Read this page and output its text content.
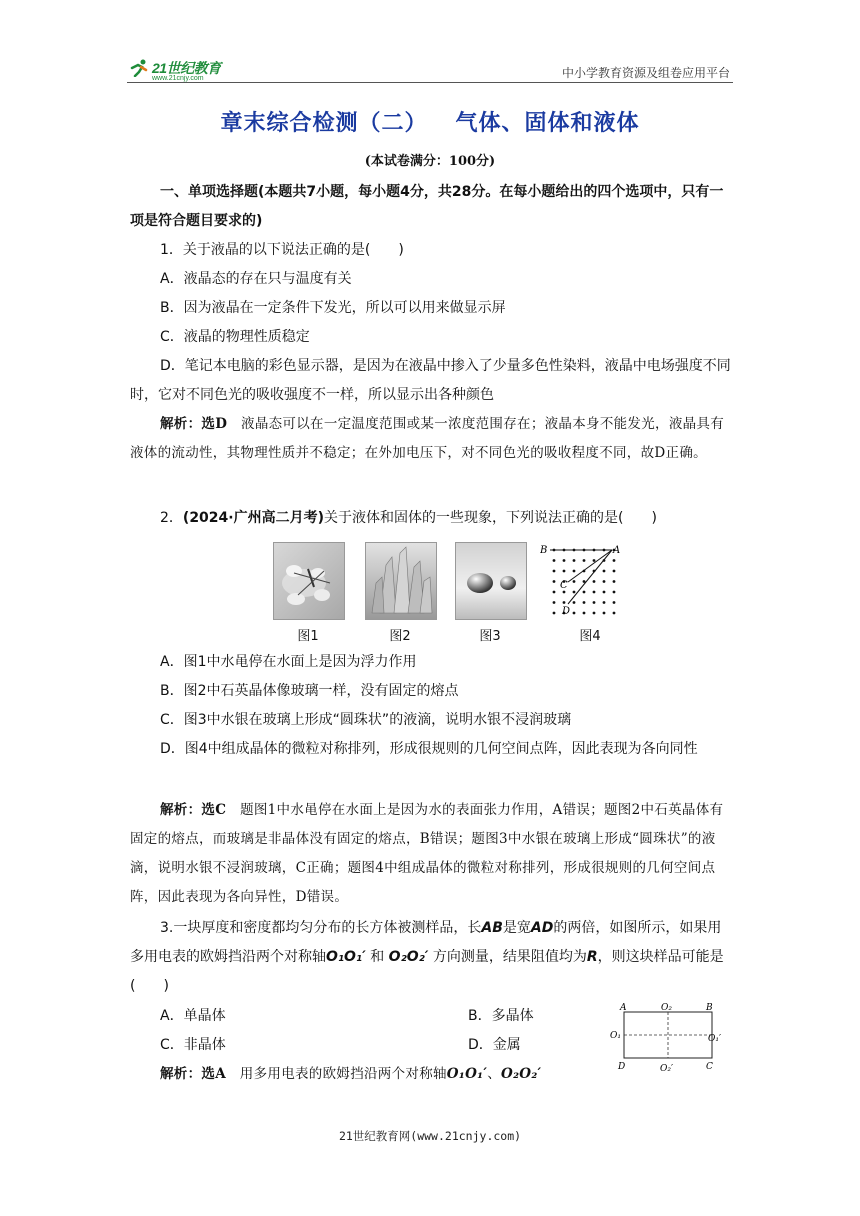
21世纪教育
www.21cnjy.com	中小学教育资源及组卷应用平台
章末综合检测（二） 气体、固体和液体
(本试卷满分：100分)
一、单项选择题(本题共7小题，每小题4分，共28分。在每小题给出的四个选项中，只有一项是符合题目要求的)
1．关于液晶的以下说法正确的是(　　)
A．液晶态的存在只与温度有关
B．因为液晶在一定条件下发光，所以可以用来做显示屏
C．液晶的物理性质稳定
D．笔记本电脑的彩色显示器，是因为在液晶中掺入了少量多色性染料，液晶中电场强度不同时，它对不同色光的吸收强度不一样，所以显示出各种颜色
解析：选D　 液晶态可以在一定温度范围或某一浓度范围存在；液晶本身不能发光，液晶具有液体的流动性，其物理性质并不稳定；在外加电压下，对不同色光的吸收程度不同，故D正确。
2．(2024·广州高二月考)关于液体和固体的一些现象，下列说法正确的是(　　)
B	A
C
D
图1	图2	图3	图4
A．图1中水黾停在水面上是因为浮力作用
B．图2中石英晶体像玻璃一样，没有固定的熔点
C．图3中水银在玻璃上形成“圆珠状”的液滴，说明水银不浸润玻璃
D．图4中组成晶体的微粒对称排列，形成很规则的几何空间点阵，因此表现为各向同性
解析：选C　 题图1中水黾停在水面上是因为水的表面张力作用，A错误；题图2中石英晶体有固定的熔点，而玻璃是非晶体没有固定的熔点，B错误；题图3中水银在玻璃上形成“圆珠状”的液滴，说明水银不浸润玻璃，C正确；题图4中组成晶体的微粒对称排列，形成很规则的几何空间点阵，因此表现为各向异性，D错误。
3.一块厚度和密度都均匀分布的长方体被测样品，长AB是宽AD的两倍，如图所示，如果用多用电表的欧姆挡沿两个对称轴O₁O₁′ 和 O₂O₂′ 方向测量，结果阻值均为R，则这块样品可能是(　　)
A．单晶体	B．多晶体
C．非晶体	D．金属
A	O₂	B
O₁	O₁′
D	O₂′	C
解析：选A　 用多用电表的欧姆挡沿两个对称轴O₁O₁′、O₂O₂′
21世纪教育网(www.21cnjy.com)
